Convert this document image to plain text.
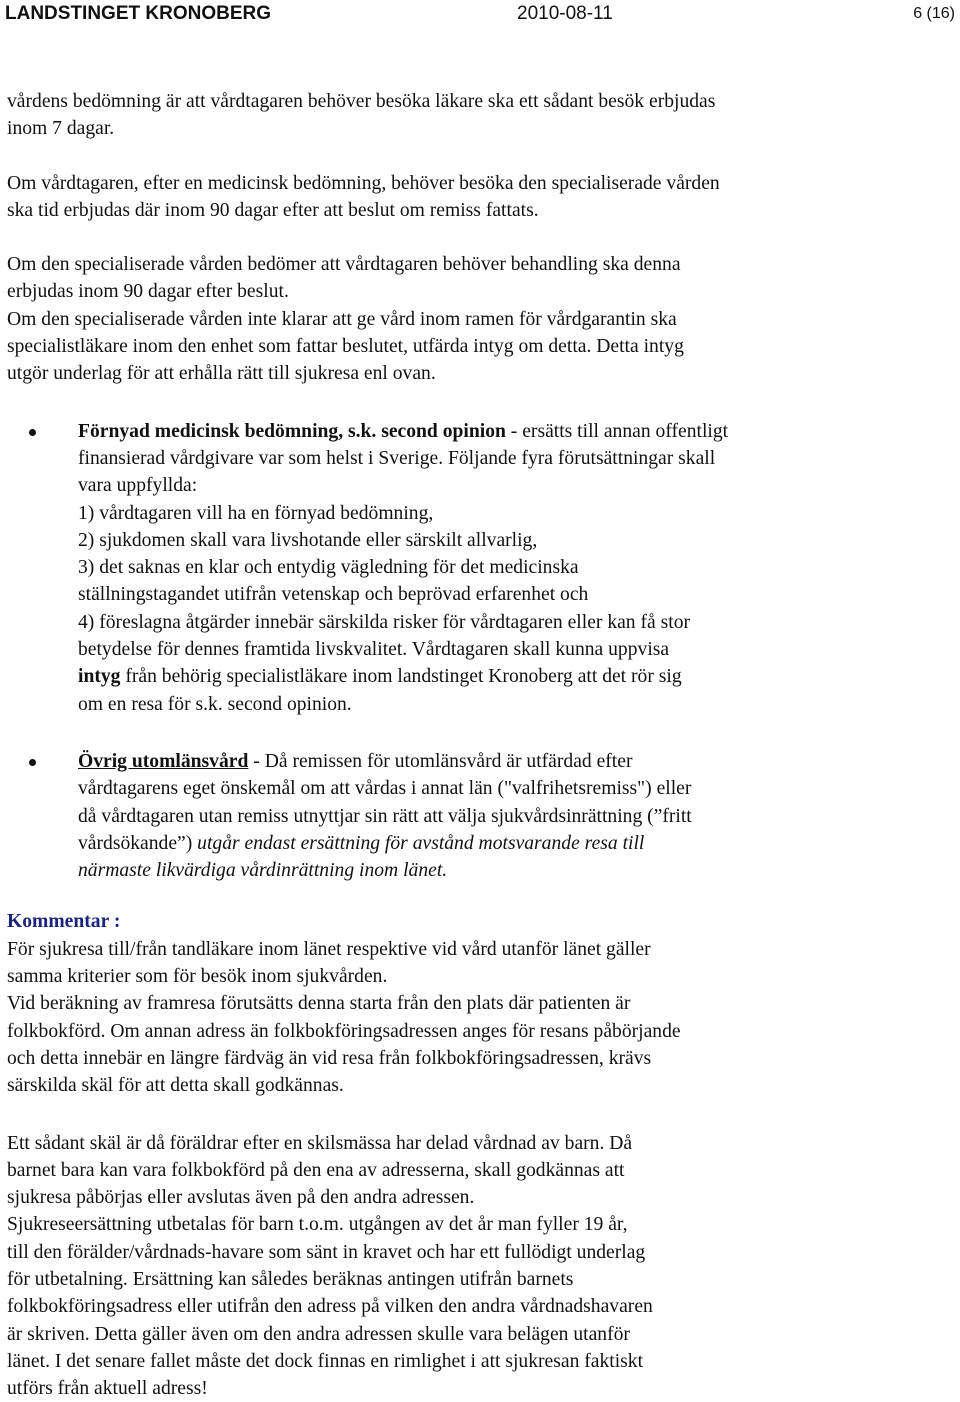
LANDSTINGET KRONOBERG	2010-08-11	6 (16)

vårdens bedömning är att vårdtagaren behöver besöka läkare ska ett sådant besök erbjudas
inom 7 dagar.

Om vårdtagaren, efter en medicinsk bedömning, behöver besöka den specialiserade vården
ska tid erbjudas där inom 90 dagar efter att beslut om remiss fattats.

Om den specialiserade vården bedömer att vårdtagaren behöver behandling ska denna
erbjudas inom 90 dagar efter beslut.

Om den specialiserade vården inte klarar att ge vård inom ramen för vårdgarantin ska
specialistläkare inom den enhet som fattar beslutet, utfärda intyg om detta. Detta intyg
utgör underlag för att erhålla rätt till sjukresa enl ovan.

Förnyad medicinsk bedömning, s.k. second opinion - ersätts till annan offentligt
finansierad vårdgivare var som helst i Sverige. Följande fyra förutsättningar skall
vara uppfyllda:
1) vårdtagaren vill ha en förnyad bedömning,
2) sjukdomen skall vara livshotande eller särskilt allvarlig,
3) det saknas en klar och entydig vägledning för det medicinska
ställningstagandet utifrån vetenskap och beprövad erfarenhet och
4) föreslagna åtgärder innebär särskilda risker för vårdtagaren eller kan få stor
betydelse för dennes framtida livskvalitet. Vårdtagaren skall kunna uppvisa
intyg från behörig specialistläkare inom landstinget Kronoberg att det rör sig
om en resa för s.k. second opinion.
Övrig utomlänsvård - Då remissen för utomlänsvård är utfärdad efter
vårdtagarens eget önskemål om att vårdas i annat län ("valfrihetsremiss") eller
då vårdtagaren utan remiss utnyttjar sin rätt att välja sjukvårdsinrättning (”fritt
vårdsökande”) utgår endast ersättning för avstånd motsvarande resa till
närmaste likvärdiga vårdinrättning inom länet.

Kommentar :
För sjukresa till/från tandläkare inom länet respektive vid vård utanför länet gäller
samma kriterier som för besök inom sjukvården.
Vid beräkning av framresa förutsätts denna starta från den plats där patienten är
folkbokförd. Om annan adress än folkbokföringsadressen anges för resans påbörjande
och detta innebär en längre färdväg än vid resa från folkbokföringsadressen, krävs
särskilda skäl för att detta skall godkännas.

Ett sådant skäl är då föräldrar efter en skilsmässa har delad vårdnad av barn. Då
barnet bara kan vara folkbokförd på den ena av adresserna, skall godkännas att
sjukresa påbörjas eller avslutas även på den andra adressen.
Sjukreseersättning utbetalas för barn t.o.m. utgången av det år man fyller 19 år,
till den förälder/vårdnads-havare som sänt in kravet och har ett fullödigt underlag
för utbetalning. Ersättning kan således beräknas antingen utifrån barnets
folkbokföringsadress eller utifrån den adress på vilken den andra vårdnadshavaren
är skriven. Detta gäller även om den andra adressen skulle vara belägen utanför
länet. I det senare fallet måste det dock finnas en rimlighet i att sjukresan faktiskt
utförs från aktuell adress!
